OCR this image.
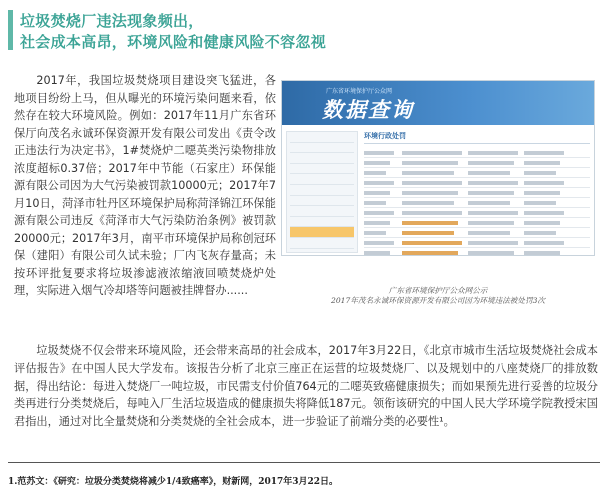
垃圾焚烧厂违法现象频出，
社会成本高昂，环境风险和健康风险不容忽视

2017年，我国垃圾焚烧项目建设突飞猛进，各地项目纷纷上马，但从曝光的环境污染问题来看，依然存在较大环境风险。例如：2017年11月广东省环保厅向茂名永诚环保资源开发有限公司发出《责令改正违法行为决定书》，1#焚烧炉二噁英类污染物排放浓度超标0.37倍；2017年中节能（石家庄）环保能源有限公司因为大气污染被罚款10000元；2017年7月10日，菏泽市牡丹区环境保护局称菏泽锦江环保能源有限公司违反《菏泽市大气污染防治条例》被罚款20000元；2017年3月，南平市环境保护局称创冠环保（建阳）有限公司久试未验；厂内飞灰存量高；未按环评批复要求将垃圾渗滤液浓缩液回喷焚烧炉处理，实际进入烟气冷却塔等问题被挂牌督办......

广东省环境保护厅公众网
数据查询
环境行政处罚
广东省环境保护厅公众网公示
2017年茂名永诚环保资源开发有限公司因为环境违法被处罚3次

垃圾焚烧不仅会带来环境风险，还会带来高昂的社会成本，2017年3月22日，《北京市城市生活垃圾焚烧社会成本评估报告》在中国人民大学发布。该报告分析了北京三座正在运营的垃圾焚烧厂、以及规划中的八座焚烧厂的排放数据，得出结论：每进入焚烧厂一吨垃圾，市民需支付价值764元的二噁英致癌健康损失；而如果预先进行妥善的垃圾分类再进行分类焚烧后，每吨入厂生活垃圾造成的健康损失将降低187元。领衔该研究的中国人民大学环境学院教授宋国君指出，通过对比全量焚烧和分类焚烧的全社会成本，进一步验证了前端分类的必要性¹。

1.范苏文：《研究：垃圾分类焚烧将减少1/4致癌率》，财新网，2017年3月22日。
